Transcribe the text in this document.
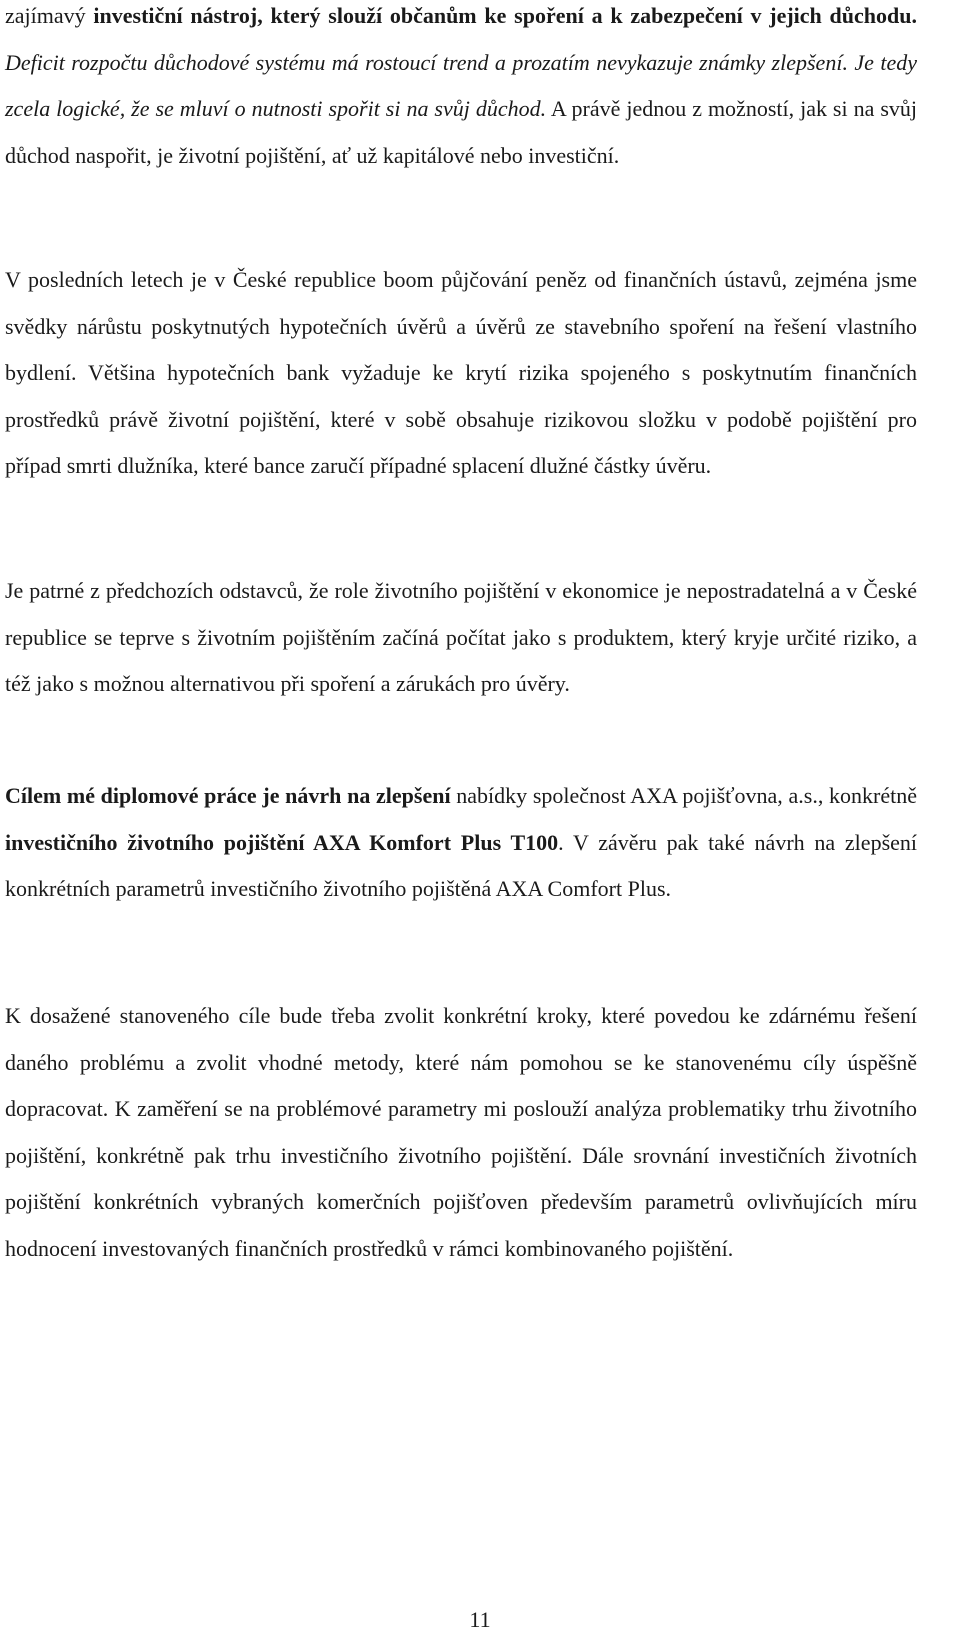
zajímavý investiční nástroj, který slouží občanům ke spoření a k zabezpečení v jejich důchodu. Deficit rozpočtu důchodové systému má rostoucí trend a prozatím nevykazuje známky zlepšení. Je tedy zcela logické, že se mluví o nutnosti spořit si na svůj důchod. A právě jednou z možností, jak si na svůj důchod naspořit, je životní pojištění, ať už kapitálové nebo investiční.

V posledních letech je v České republice boom půjčování peněz od finančních ústavů, zejména jsme svědky nárůstu poskytnutých hypotečních úvěrů a úvěrů ze stavebního spoření na řešení vlastního bydlení. Většina hypotečních bank vyžaduje ke krytí rizika spojeného s poskytnutím finančních prostředků právě životní pojištění, které v sobě obsahuje rizikovou složku v podobě pojištění pro případ smrti dlužníka, které bance zaručí případné splacení dlužné částky úvěru.

Je patrné z předchozích odstavců, že role životního pojištění v ekonomice je nepostradatelná a v České republice se teprve s životním pojištěním začíná počítat jako s produktem, který kryje určité riziko, a též jako s možnou alternativou při spoření a zárukách pro úvěry.

Cílem mé diplomové práce je návrh na zlepšení nabídky společnost AXA pojišťovna, a.s., konkrétně investičního životního pojištění AXA Komfort Plus T100. V závěru pak také návrh na zlepšení konkrétních parametrů investičního životního pojištěná AXA Comfort Plus.

K dosažené stanoveného cíle bude třeba zvolit konkrétní kroky, které povedou ke zdárnému řešení daného problému a zvolit vhodné metody, které nám pomohou se ke stanovenému cíly úspěšně dopracovat. K zaměření se na problémové parametry mi poslouží analýza problematiky trhu životního pojištění, konkrétně pak trhu investičního životního pojištění. Dále srovnání investičních životních pojištění konkrétních vybraných komerčních pojišťoven především parametrů ovlivňujících míru hodnocení investovaných finančních prostředků v rámci kombinovaného pojištění.

11
